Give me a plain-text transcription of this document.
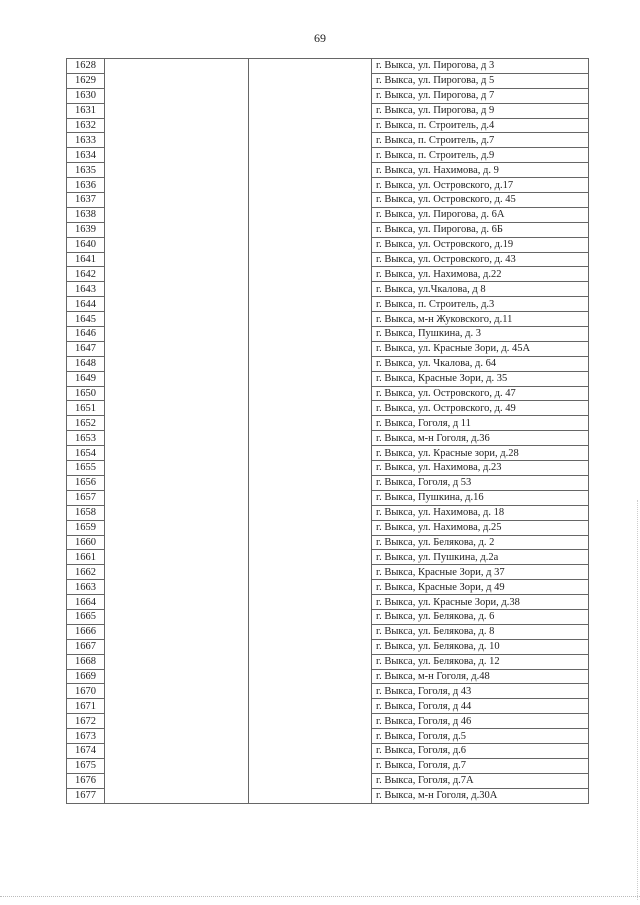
69
1628			г. Выкса, ул. Пирогова, д 3
1629			г. Выкса, ул. Пирогова, д 5
1630			г. Выкса, ул. Пирогова, д 7
1631			г. Выкса, ул. Пирогова, д 9
1632			г. Выкса, п. Строитель, д.4
1633			г. Выкса, п. Строитель, д.7
1634			г. Выкса, п. Строитель, д.9
1635			г. Выкса, ул. Нахимова, д. 9
1636			г. Выкса, ул. Островского, д.17
1637			г. Выкса, ул. Островского, д. 45
1638			г. Выкса, ул. Пирогова, д. 6А
1639			г. Выкса, ул. Пирогова, д. 6Б
1640			г. Выкса, ул. Островского, д.19
1641			г. Выкса, ул. Островского, д. 43
1642			г. Выкса, ул. Нахимова, д.22
1643			г. Выкса, ул.Чкалова, д 8
1644			г. Выкса, п. Строитель, д.3
1645			г. Выкса, м-н Жуковского, д.11
1646			г. Выкса, Пушкина, д. 3
1647			г. Выкса, ул. Красные Зори, д. 45А
1648			г. Выкса, ул. Чкалова, д. 64
1649			г. Выкса, Красные Зори, д. 35
1650			г. Выкса, ул. Островского, д. 47
1651			г. Выкса, ул. Островского, д. 49
1652			г. Выкса, Гоголя, д 11
1653			г. Выкса, м-н Гоголя, д.36
1654			г. Выкса, ул. Красные зори, д.28
1655			г. Выкса, ул. Нахимова, д.23
1656			г. Выкса, Гоголя, д 53
1657			г. Выкса, Пушкина, д.16
1658			г. Выкса, ул. Нахимова, д. 18
1659			г. Выкса, ул. Нахимова, д.25
1660			г. Выкса, ул. Белякова, д. 2
1661			г. Выкса, ул. Пушкина, д.2а
1662			г. Выкса, Красные Зори, д 37
1663			г. Выкса, Красные Зори, д 49
1664			г. Выкса, ул. Красные Зори, д.38
1665			г. Выкса, ул. Белякова, д. 6
1666			г. Выкса, ул. Белякова, д. 8
1667			г. Выкса, ул. Белякова, д. 10
1668			г. Выкса, ул. Белякова, д. 12
1669			г. Выкса, м-н Гоголя, д.48
1670			г. Выкса, Гоголя, д 43
1671			г. Выкса, Гоголя, д 44
1672			г. Выкса, Гоголя, д 46
1673			г. Выкса, Гоголя, д.5
1674			г. Выкса, Гоголя, д.6
1675			г. Выкса, Гоголя, д.7
1676			г. Выкса, Гоголя, д.7А
1677			г. Выкса, м-н Гоголя, д.30А
